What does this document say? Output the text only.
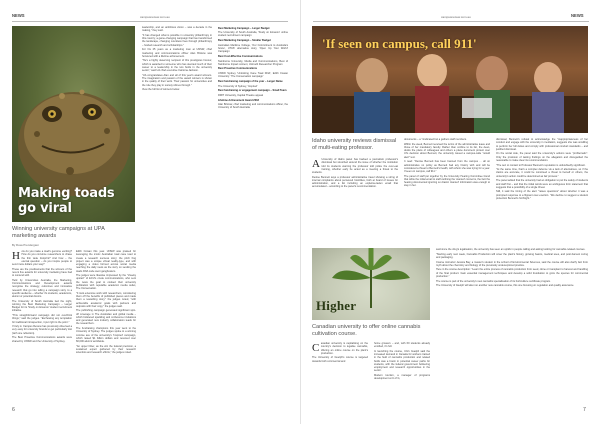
NEWS	campusreview.com.au
Making toads go viral
Winning university campaigns at UPA marketing awards
By Rosa Prendergast

How do you make a toad's genome exciting? How do you convince researchers to chase the thin wide footprint? And how – the eternal question – do you inspire people to send more dollars your way?

These are the predicaments that the winners of the recent five awards for university marketing have had to contend with.

Held by Universities Australia, the Marketing, Communications and Development awards recognise the strategy, outcomes and innovative research that go into telling a campaign story to a specific audience – whether it's students, academics, alumni or potential donors.

The University of South Australia tied the night, winning the Best Marketing Campaign – Larger Budget for its 'Study on Emanon' student recruitment initiative.

"This straightforward campaign did not overthink things," said the judges. "Eschewing any temptation for traditional introspection, it put right to the point."

If truly is: Campus Review has previously observed a very easy for university brands to get particularly lost (with one reflection).

The Best Proactive Communications awards were shared by UNSW and the University of Sydney.

Edith Cowan this year. UNSW was praised for leveraging the iconic Australian toad cane toad to create a research success story; the pitch frog project was a unique virtual reality-type, and with engaging a video formed across social media reaching the daily news as the story on sending the toads DNA code went gangbusters.

The judges were likewise impressed by the "cheeky upstart" of ECU's crude communications, who sent the news the goal to cooked their university publication with reputable academic media outlet, The Conversation.

"It took extensive work with researchers, considering them off the benefits of published pieces and made them a rewarding story," the judges noted, "with achievable academic goals with partners and outposts with their copy," the judges said.

The publishing campaign generated significant spin-off coverage in The Australian and global media – which bolstered sparkling and conference invitations and generated new industry collaboration leads for the researchers.

The fundraising champions this year went to the University of Sydney. The judges spoke to a winning concise ace of the university's 'Inspired' campaign, which raised $1 billion dollars and received over 60,000 alumni worldwide.

"An upper hitter, as the win the federal precision, a sustained expert gathered by their research scientists and research efforts," the judges noted.

leadership, and an ambitious vision – was a decade in the making," they said.

"It has changed what is possible in university philanthropy in this country; a game-changing campaign that has transformed the landscape, changing countless lives through philanthropy – funded research and scholarships."

For his 25 years as a marketing man at UNSW, chief marketing and communications officer Alan Bristow was honoured with a lifetime achievement.

"He's a highly deserving recipient of this prestigious honour, which is awarded to someone who has devoted much of their career to a leadership in the two fields in the university sector," said UA chief executive Catriona Jackson.

"UA congratulates Alan and all of this year's award winners. The imagination and passion of the award winners is shown in the quality of their work. Their passion for universities and the role they play in society shines through."

View the full list of winners below.

Best Marketing Campaign – Larger Budget

The University of South Australia, 'Study on Emanon' online student recruitment campaign

Best Marketing Campaign – Smaller Budget

Australian Maritime College, 'Our Commitment to Australia's future', UTAS' alternative story, 'Open Up Your World' Campaign

Best Cost-Effective Communications

Swinburne University, Media and Communications, Best of Swinburne Impact content, Unimelb Researcher Program

Best Proactive Communications

UNSW Sydney 'Unlocking Cane Toad DNA', Edith Cowan University: 'The Conversation campaign'

Best fundraising campaign of the year – Larger Name

The University of Sydney, 'Inspired'

Best fundraising or engagement campaign – Small Team

RMIT University, Capital Theatre appeal

Lifetime Achievement Award 2018

Alan Bristow, chief marketing and communications officer, the University of South Australia

6
campusreview.com.au	NEWS
7
'If seen on campus, call 911'
Idaho university reviews dismissal of multi-eating professor.

A University of Idaho panel has backed a journalism professor's dismissal but stretched around the issue of whether the institution told its students warning the professor told police the over-eat training, whether early he acted as a meeting a threat to the students.

Denise Bennett says a professor administrative travel showing a string of internal complaints about perceived hostilities, both at board of issues for administration, and a list including an expletive-laden email that accumulated – according to the panel's recommendation.

documents – a "vindicated but a gathers staff members.

Within the week, Bennett received the terms of the administrative leave and those of her mandatory faculty. Rather than confine to its list, the dean, ducks the plans of colleagues and others a plane document protect over UI's decision about Bennett, the university issued a campus-wide "would alert" text.

It read: "Denise Bennett has been banned from the campus ... all on administrative no policy as Bennett had any history with and will be considered a threat to Bennett's health, with whom she was trying for a year. If seen on campus, call 911."

The panel of staff put together by the University Hearing Committee found that while the initial email to staff outlining the 'wanted' concerns, the fact the hearing documented ignoring so drastic 'wanted' information was enough to stay in her.

dismissal, Bennett's refusal to acknowledge the "inappropriateness of her conduct and engage with the university in mediation, suggests she was unwilling to perform her full duties and comply with professional conduct standards – and justified dismissal.

On the social side, the panel said the university's actions were "problematic". Only the provision of lasting findings on the allegation and disregarded the reasonable to make clear its recommendation.

"The text or contact to Professor Bennett's reputation is undoubtedly significant.

"At the same time, that's a complex defence vis a lack of alternatives, so if the claims are accurate, it could be construed a threat to herself or others, the university's action could be determined as fair process."

The panel added that the university had an obligation to put the safety of students and staff first – and that the initial words were an ambiguous form statement that suggests that a possibility of a single threat.

Still, it said the timing of the alert "raises questions" about whether it was a prompted response to a flippant over-exertion. "We decline to suggest a student protection Bennett's forthright."

Higher
Canadian university to offer online cannabis cultivation course.

Canadian university is capitalising on the country's decision to legalise cannabis, offering an online course on the plant's production.

The University of Guelph's course is targeted towards both commercial and

home growers – and, with 60 students already enrolled, it's full.

In launching the course, UG's Guelph said the increased demand in Canada for workers trained in the field of cannabis production and related fields was a boom in potential career paths for students, with the federal government bolstering employment and research opportunities in the sector.

Modern tourism, a manager of programs development at U of G,

said since the drug's legalisation, the university has seen an uptick in people calling and asking looking for cannabis-related courses.

"Starting early next week, Cannabis Production will cover the plant's history, growing basics, medical uses, and post-harvest curing and packaging.

Course instructor Jessica Bay, a master's student in the school of Environmental Sciences, said the course will also clarify fact from myth about the chemistry and biology of the previously underexplored practice.

Here in the course description: "Learn the entire process of cannabis production from seed, clone or transplant to harvest and handling of the final product. Gain essential management techniques and develop a solid foundation to grow the species for commercial production."

The course is part of the university's new cannabis specialisation of its horticulture certificate program.

The University of Guelph will also run another new cannabis course, this one focusing on regulation and quality assurance.
